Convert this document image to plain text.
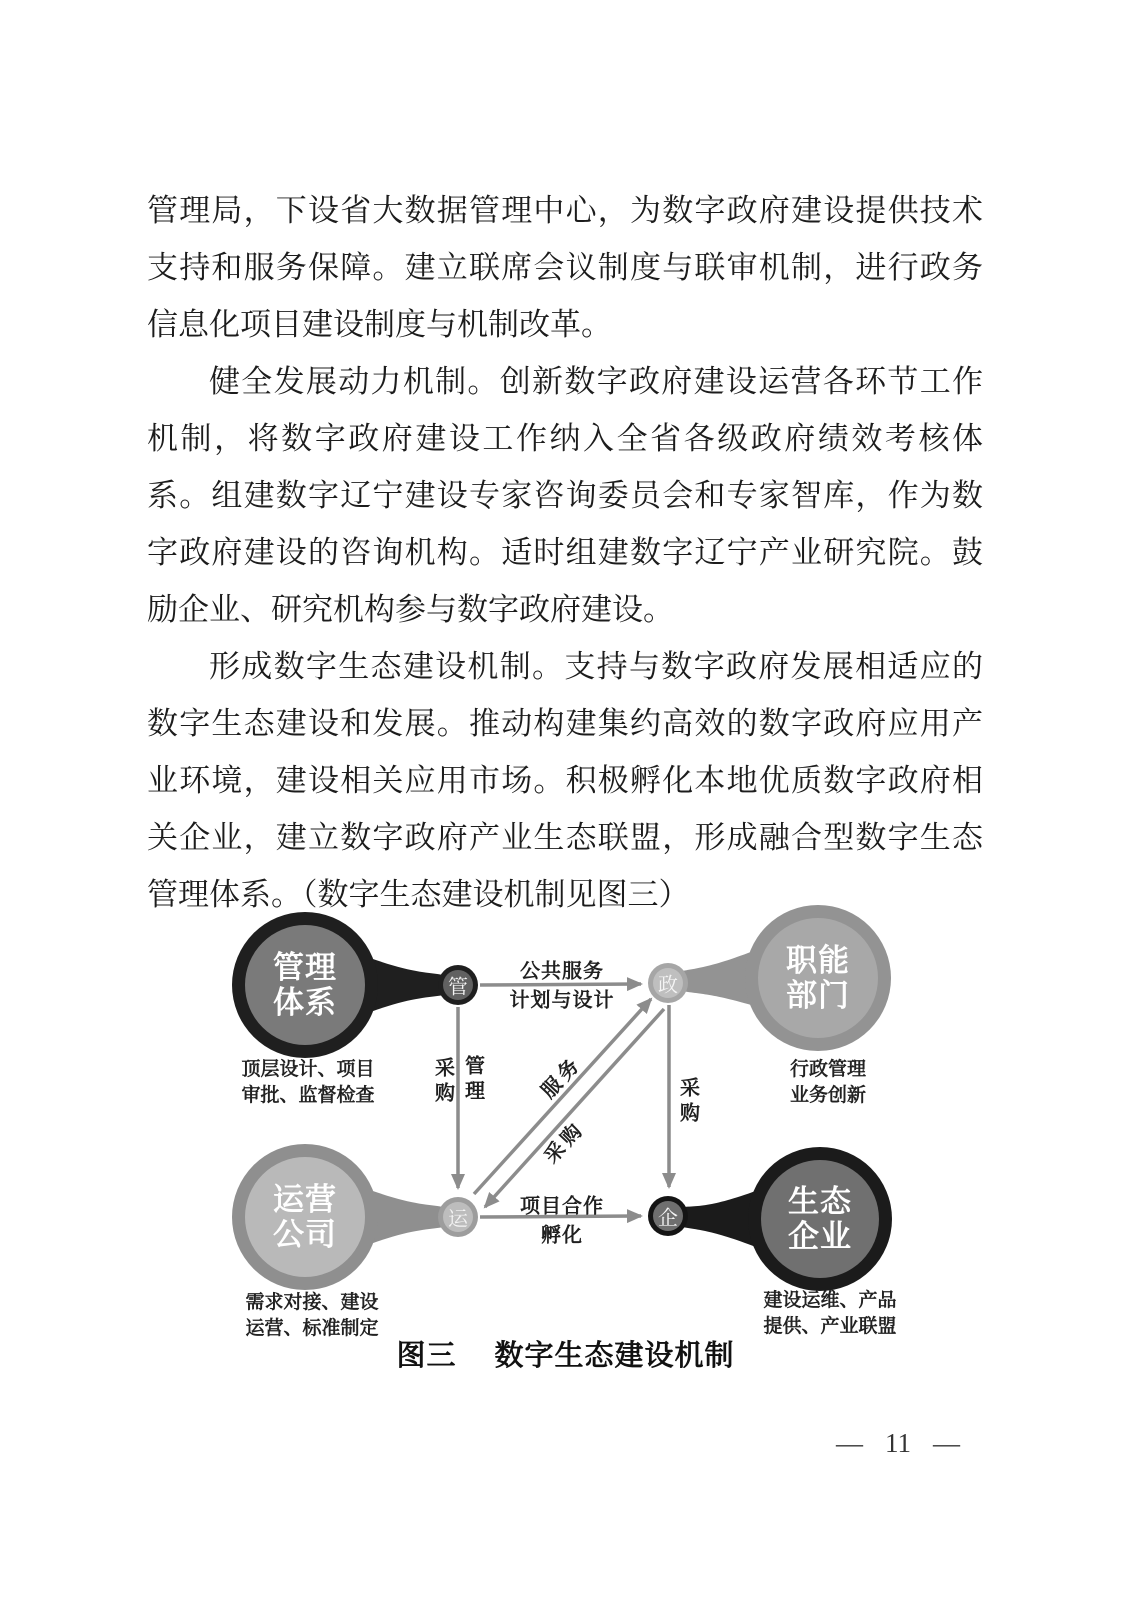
管理局，下设省大数据管理中心，为数字政府建设提供技术
支持和服务保障。建立联席会议制度与联审机制，进行政务
信息化项目建设制度与机制改革。
健全发展动力机制。创新数字政府建设运营各环节工作
机制，将数字政府建设工作纳入全省各级政府绩效考核体
系。组建数字辽宁建设专家咨询委员会和专家智库，作为数
字政府建设的咨询机构。适时组建数字辽宁产业研究院。鼓
励企业、研究机构参与数字政府建设。
形成数字生态建设机制。支持与数字政府发展相适应的
数字生态建设和发展。推动构建集约高效的数字政府应用产
业环境，建设相关应用市场。积极孵化本地优质数字政府相
关企业，建立数字政府产业生态联盟，形成融合型数字生态
管理体系。（数字生态建设机制见图三）
管理
体系
职能
部门
运营
公司
生态
企业
管	政
运	企
公共服务
计划与设计
采购 管理	采购
服务
采购
项目合作
孵化
顶层设计、项目
审批、监督检查
行政管理
业务创新
需求对接、建设
运营、标准制定
建设运维、产品
提供、产业联盟
图三 数字生态建设机制
— 11 —
